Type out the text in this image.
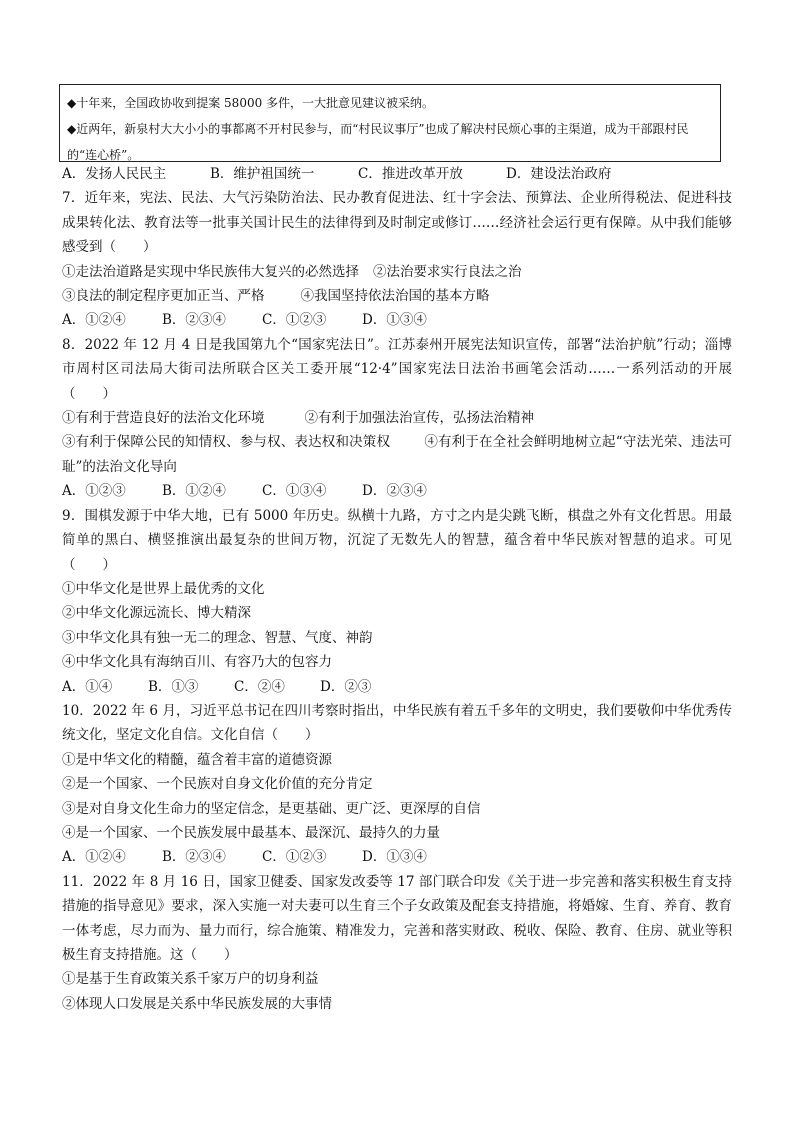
◆十年来，全国政协收到提案 58000 多件，一大批意见建议被采纳。

◆近两年，新泉村大大小小的事都离不开村民参与，而“村民议事厅”也成了解决村民烦心事的主渠道，成为干部跟村民的“连心桥”。

A．发扬人民民主	B．维护祖国统一	C．推进改革开放	D．建设法治政府
7．近年来，宪法、民法、大气污染防治法、民办教育促进法、红十字会法、预算法、企业所得税法、促进科技成果转化法、教育法等一批事关国计民生的法律得到及时制定或修订……经济社会运行更有保障。从中我们能够感受到（　　）
①走法治道路是实现中华民族伟大复兴的必然选择 ②法治要求实行良法之治
③良法的制定程序更加正当、严格	④我国坚持依法治国的基本方略
A．①②④	B．②③④	C．①②③	D．①③④
8．2022 年 12 月 4 日是我国第九个“国家宪法日”。江苏泰州开展宪法知识宣传，部署“法治护航”行动；淄博市周村区司法局大街司法所联合区关工委开展“12·4”国家宪法日法治书画笔会活动……一系列活动的开展（　　）
①有利于营造良好的法治文化环境	②有利于加强法治宣传，弘扬法治精神
③有利于保障公民的知情权、参与权、表达权和决策权	④有利于在全社会鲜明地树立起“守法光荣、违法可耻”的法治文化导向
A．①②③	B．①②④	C．①③④	D．②③④
9．围棋发源于中华大地，已有 5000 年历史。纵横十九路，方寸之内是尖跳飞断，棋盘之外有文化哲思。用最简单的黑白、横竖推演出最复杂的世间万物，沉淀了无数先人的智慧，蕴含着中华民族对智慧的追求。可见（　　）
①中华文化是世界上最优秀的文化
②中华文化源远流长、博大精深
③中华文化具有独一无二的理念、智慧、气度、神韵
④中华文化具有海纳百川、有容乃大的包容力
A．①④	B．①③	C．②④	D．②③
10．2022 年 6 月，习近平总书记在四川考察时指出，中华民族有着五千多年的文明史，我们要敬仰中华优秀传统文化，坚定文化自信。文化自信（　　）
①是中华文化的精髓，蕴含着丰富的道德资源
②是一个国家、一个民族对自身文化价值的充分肯定
③是对自身文化生命力的坚定信念，是更基础、更广泛、更深厚的自信
④是一个国家、一个民族发展中最基本、最深沉、最持久的力量
A．①②④	B．②③④	C．①②③	D．①③④
11．2022 年 8 月 16 日，国家卫健委、国家发改委等 17 部门联合印发《关于进一步完善和落实积极生育支持措施的指导意见》要求，深入实施一对夫妻可以生育三个子女政策及配套支持措施，将婚嫁、生育、养育、教育一体考虑，尽力而为、量力而行，综合施策、精准发力，完善和落实财政、税收、保险、教育、住房、就业等积极生育支持措施。这（　　）
①是基于生育政策关系千家万户的切身利益
②体现人口发展是关系中华民族发展的大事情
